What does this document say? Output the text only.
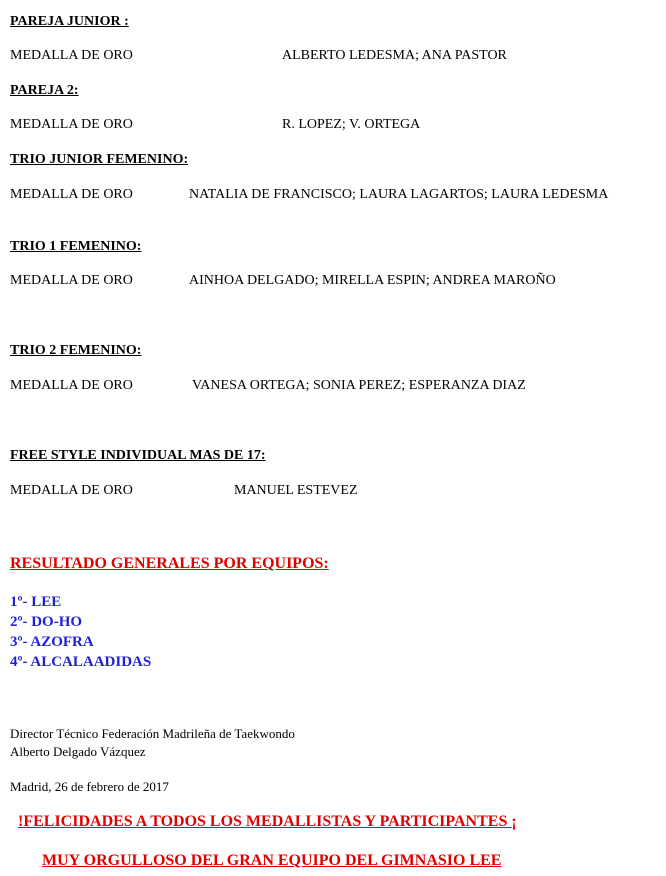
PAREJA JUNIOR :
MEDALLA DE ORO	ALBERTO LEDESMA; ANA PASTOR
PAREJA 2:
MEDALLA DE ORO	R. LOPEZ; V. ORTEGA
TRIO JUNIOR FEMENINO:
MEDALLA DE ORO	NATALIA DE FRANCISCO; LAURA LAGARTOS; LAURA LEDESMA
TRIO 1 FEMENINO:
MEDALLA DE ORO	AINHOA DELGADO; MIRELLA ESPIN; ANDREA MAROÑO
TRIO 2 FEMENINO:
MEDALLA DE ORO	VANESA ORTEGA; SONIA PEREZ; ESPERANZA DIAZ
FREE STYLE INDIVIDUAL MAS DE 17:
MEDALLA DE ORO	MANUEL ESTEVEZ
RESULTADO GENERALES POR EQUIPOS:
1º- LEE
2º- DO-HO
3º- AZOFRA
4º- ALCALAADIDAS
Director Técnico Federación Madrileña de Taekwondo
Alberto Delgado Vázquez
Madrid, 26 de febrero de 2017
!FELICIDADES A TODOS LOS MEDALLISTAS Y PARTICIPANTES ¡
MUY ORGULLOSO DEL GRAN EQUIPO DEL GIMNASIO LEE
